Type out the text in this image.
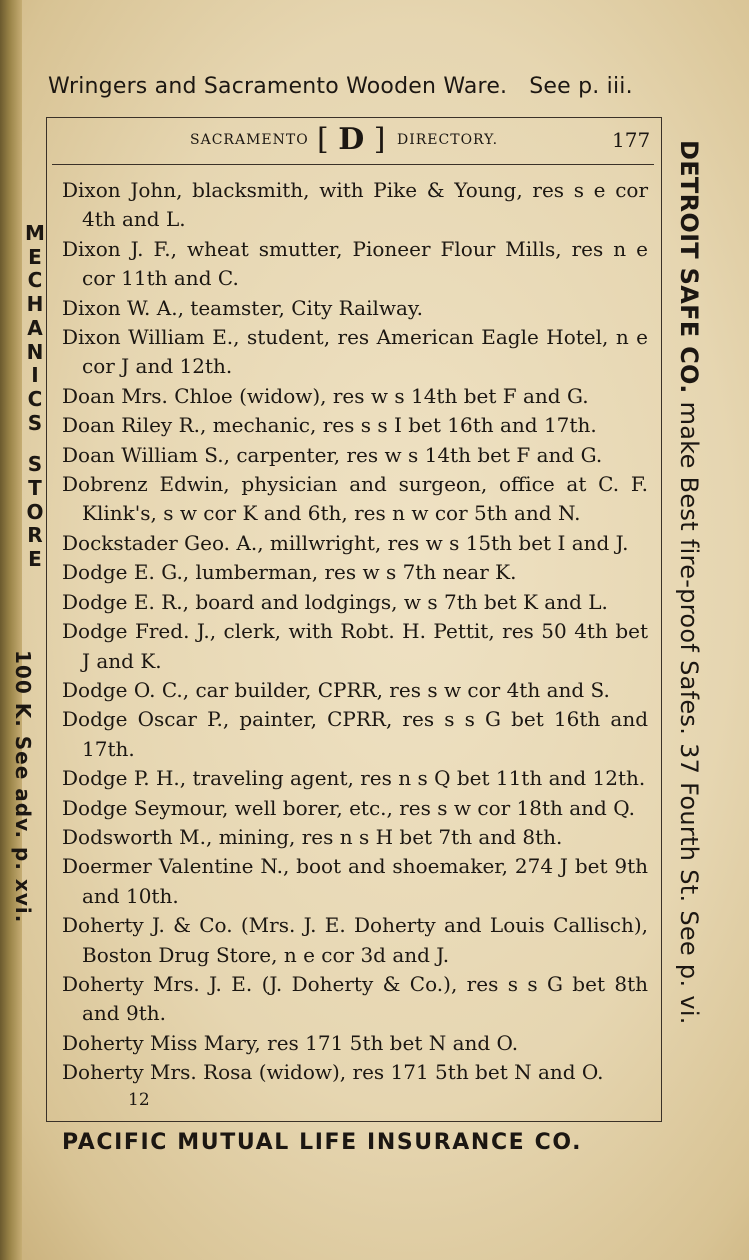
Wringers and Sacramento Wooden Ware. See p. iii.
SACRAMENTO [ D ] DIRECTORY.	177
Dixon John, blacksmith, with Pike & Young, res s e cor 4th and L.
Dixon J. F., wheat smutter, Pioneer Flour Mills, res n e cor 11th and C.
Dixon W. A., teamster, City Railway.
Dixon William E., student, res American Eagle Hotel, n e cor J and 12th.
Doan Mrs. Chloe (widow), res w s 14th bet F and G.
Doan Riley R., mechanic, res s s I bet 16th and 17th.
Doan William S., carpenter, res w s 14th bet F and G.
Dobrenz Edwin, physician and surgeon, office at C. F. Klink's, s w cor K and 6th, res n w cor 5th and N.
Dockstader Geo. A., millwright, res w s 15th bet I and J.
Dodge E. G., lumberman, res w s 7th near K.
Dodge E. R., board and lodgings, w s 7th bet K and L.
Dodge Fred. J., clerk, with Robt. H. Pettit, res 50 4th bet J and K.
Dodge O. C., car builder, CPRR, res s w cor 4th and S.
Dodge Oscar P., painter, CPRR, res s s G bet 16th and 17th.
Dodge P. H., traveling agent, res n s Q bet 11th and 12th.
Dodge Seymour, well borer, etc., res s w cor 18th and Q.
Dodsworth M., mining, res n s H bet 7th and 8th.
Doermer Valentine N., boot and shoemaker, 274 J bet 9th and 10th.
Doherty J. & Co. (Mrs. J. E. Doherty and Louis Callisch), Boston Drug Store, n e cor 3d and J.
Doherty Mrs. J. E. (J. Doherty & Co.), res s s G bet 8th and 9th.
Doherty Miss Mary, res 171 5th bet N and O.
Doherty Mrs. Rosa (widow), res 171 5th bet N and O.
12
PACIFIC MUTUAL LIFE INSURANCE CO.
MECHANICS
STORE
100 K. See adv. p. xvi.
DETROIT SAFE CO. make Best fire-proof Safes. 37 Fourth St. See p. vi.
